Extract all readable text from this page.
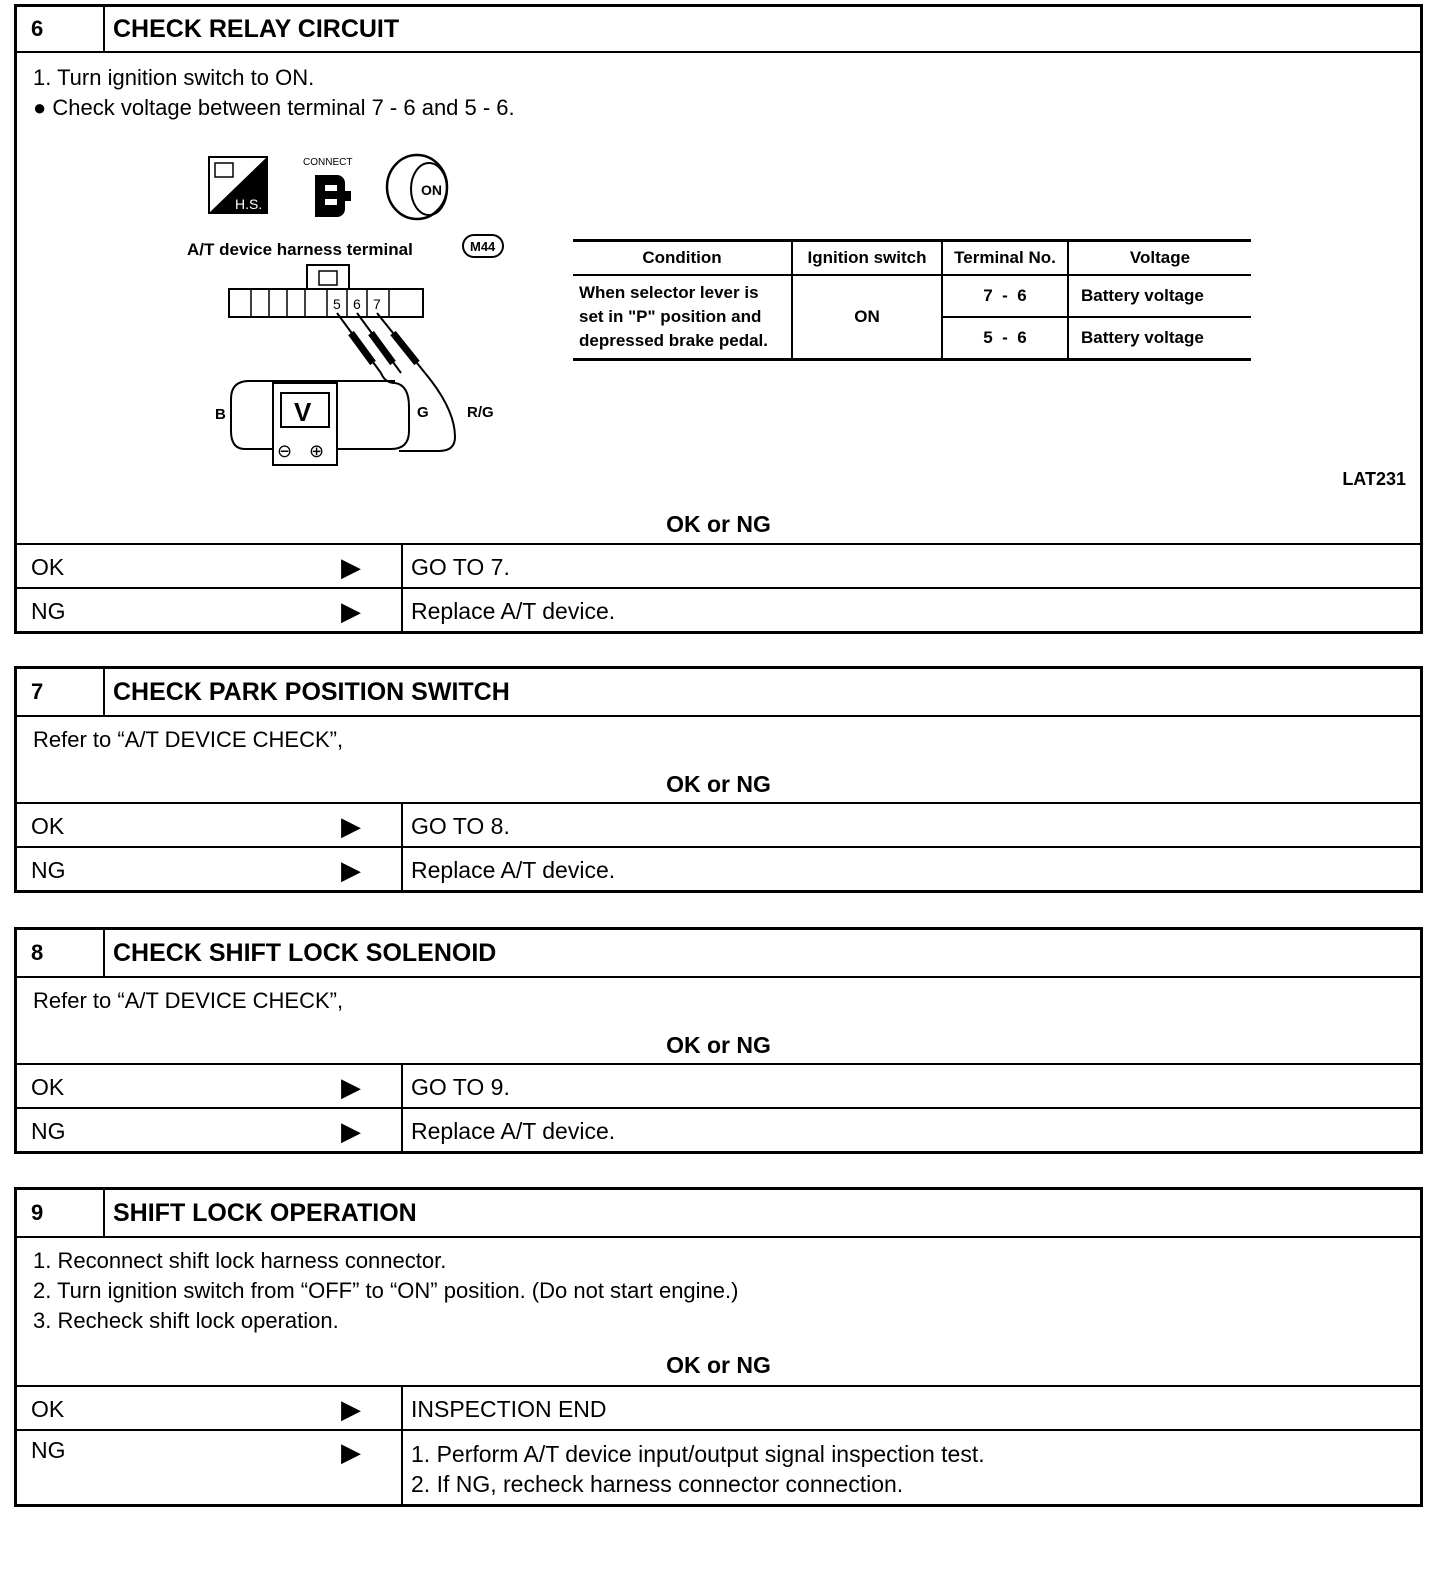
6	CHECK RELAY CIRCUIT
1. Turn ignition switch to ON.
● Check voltage between terminal 7 - 6 and 5 - 6.
H.S.
CONNECT
ON
A/T device harness terminal	M44
5 6 7
V
⊖ ⊕
B	G	R/G
Condition	Ignition switch	Terminal No.	Voltage

When selector lever is
set in "P" position and
depressed brake pedal.	ON	7  -  6	Battery voltage
		5  -  6	Battery voltage
LAT231
OK or NG
OK	▶	GO TO 7.
NG	▶	Replace A/T device.
7	CHECK PARK POSITION SWITCH
Refer to “A/T DEVICE CHECK”,
OK or NG
OK	▶	GO TO 8.
NG	▶	Replace A/T device.
8	CHECK SHIFT LOCK SOLENOID
Refer to “A/T DEVICE CHECK”,
OK or NG
OK	▶	GO TO 9.
NG	▶	Replace A/T device.
9	SHIFT LOCK OPERATION
1. Reconnect shift lock harness connector.
2. Turn ignition switch from “OFF” to “ON” position. (Do not start engine.)
3. Recheck shift lock operation.
OK or NG
OK	▶	INSPECTION END
NG	▶ 1. Perform A/T device input/output signal inspection test.
2. If NG, recheck harness connector connection.
